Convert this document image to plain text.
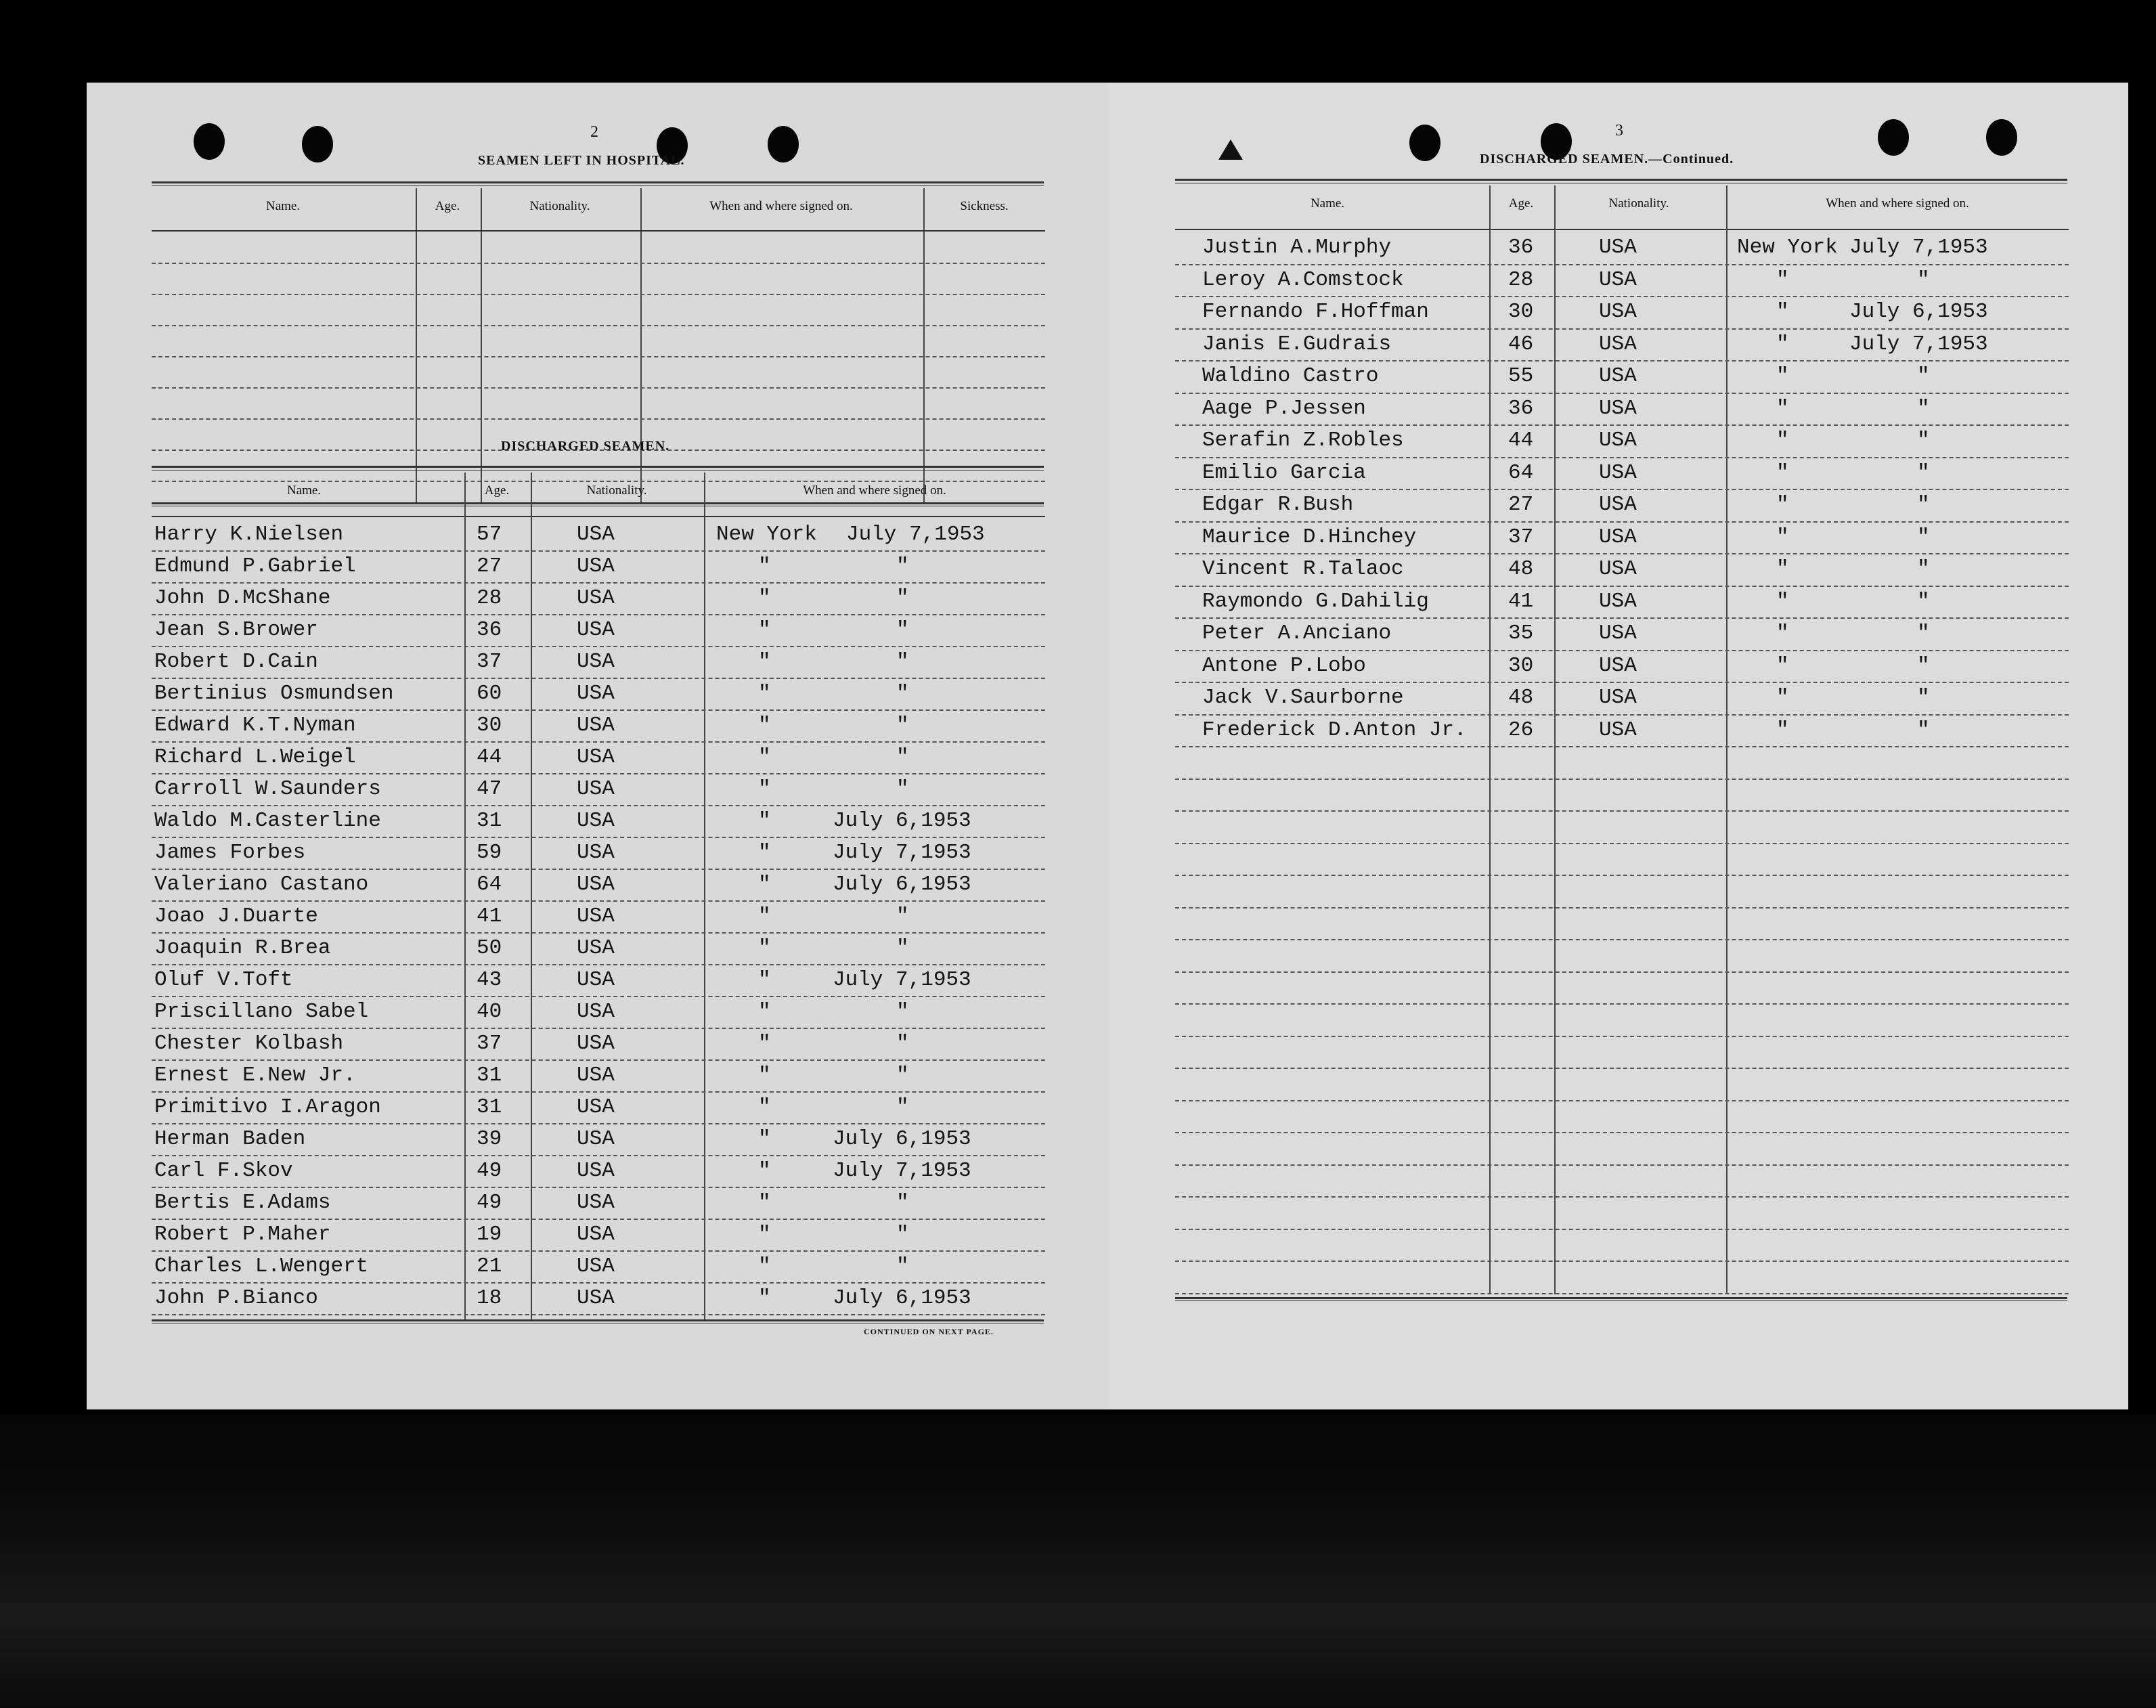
2
SEAMEN LEFT IN HOSPITAL.
Name.	Age.	Nationality.	When and where signed on.	Sickness.
DISCHARGED SEAMEN.
Name.	Age.	Nationality.	When and where signed on.
Harry K.Nielsen	57	USA	New York July 7,1953
Edmund P.Gabriel	27	USA	"	"
John D.McShane	28	USA	"	"
Jean S.Brower	36	USA	"	"
Robert D.Cain	37	USA	"	"
Bertinius Osmundsen	60	USA	"	"
Edward K.T.Nyman	30	USA	"	"
Richard L.Weigel	44	USA	"	"
Carroll W.Saunders	47	USA	"	"
Waldo M.Casterline	31	USA	"	July 6,1953
James Forbes	59	USA	"	July 7,1953
Valeriano Castano	64	USA	"	July 6,1953
Joao J.Duarte	41	USA	"	"
Joaquin R.Brea	50	USA	"	"
Oluf V.Toft	43	USA	"	July 7,1953
Priscillano Sabel	40	USA	"	"
Chester Kolbash	37	USA	"	"
Ernest E.New Jr.	31	USA	"	"
Primitivo I.Aragon	31	USA	"	"
Herman Baden	39	USA	"	July 6,1953
Carl F.Skov	49	USA	"	July 7,1953
Bertis E.Adams	49	USA	"	"
Robert P.Maher	19	USA	"	"
Charles L.Wengert	21	USA	"	"
John P.Bianco	18	USA	"	July 6,1953
CONTINUED ON NEXT PAGE.
3
DISCHARGED SEAMEN.—Continued.
Name.	Age.	Nationality.	When and where signed on.
Justin A.Murphy	36	USA	New York July 7,1953
Leroy A.Comstock	28	USA	"	"
Fernando F.Hoffman	30	USA	"	July 6,1953
Janis E.Gudrais	46	USA	"	July 7,1953
Waldino Castro	55	USA	"	"
Aage P.Jessen	36	USA	"	"
Serafin Z.Robles	44	USA	"	"
Emilio Garcia	64	USA	"	"
Edgar R.Bush	27	USA	"	"
Maurice D.Hinchey	37	USA	"	"
Vincent R.Talaoc	48	USA	"	"
Raymondo G.Dahilig	41	USA	"	"
Peter A.Anciano	35	USA	"	"
Antone P.Lobo	30	USA	"	"
Jack V.Saurborne	48	USA	"	"
Frederick D.Anton Jr. 26	USA	"	"
